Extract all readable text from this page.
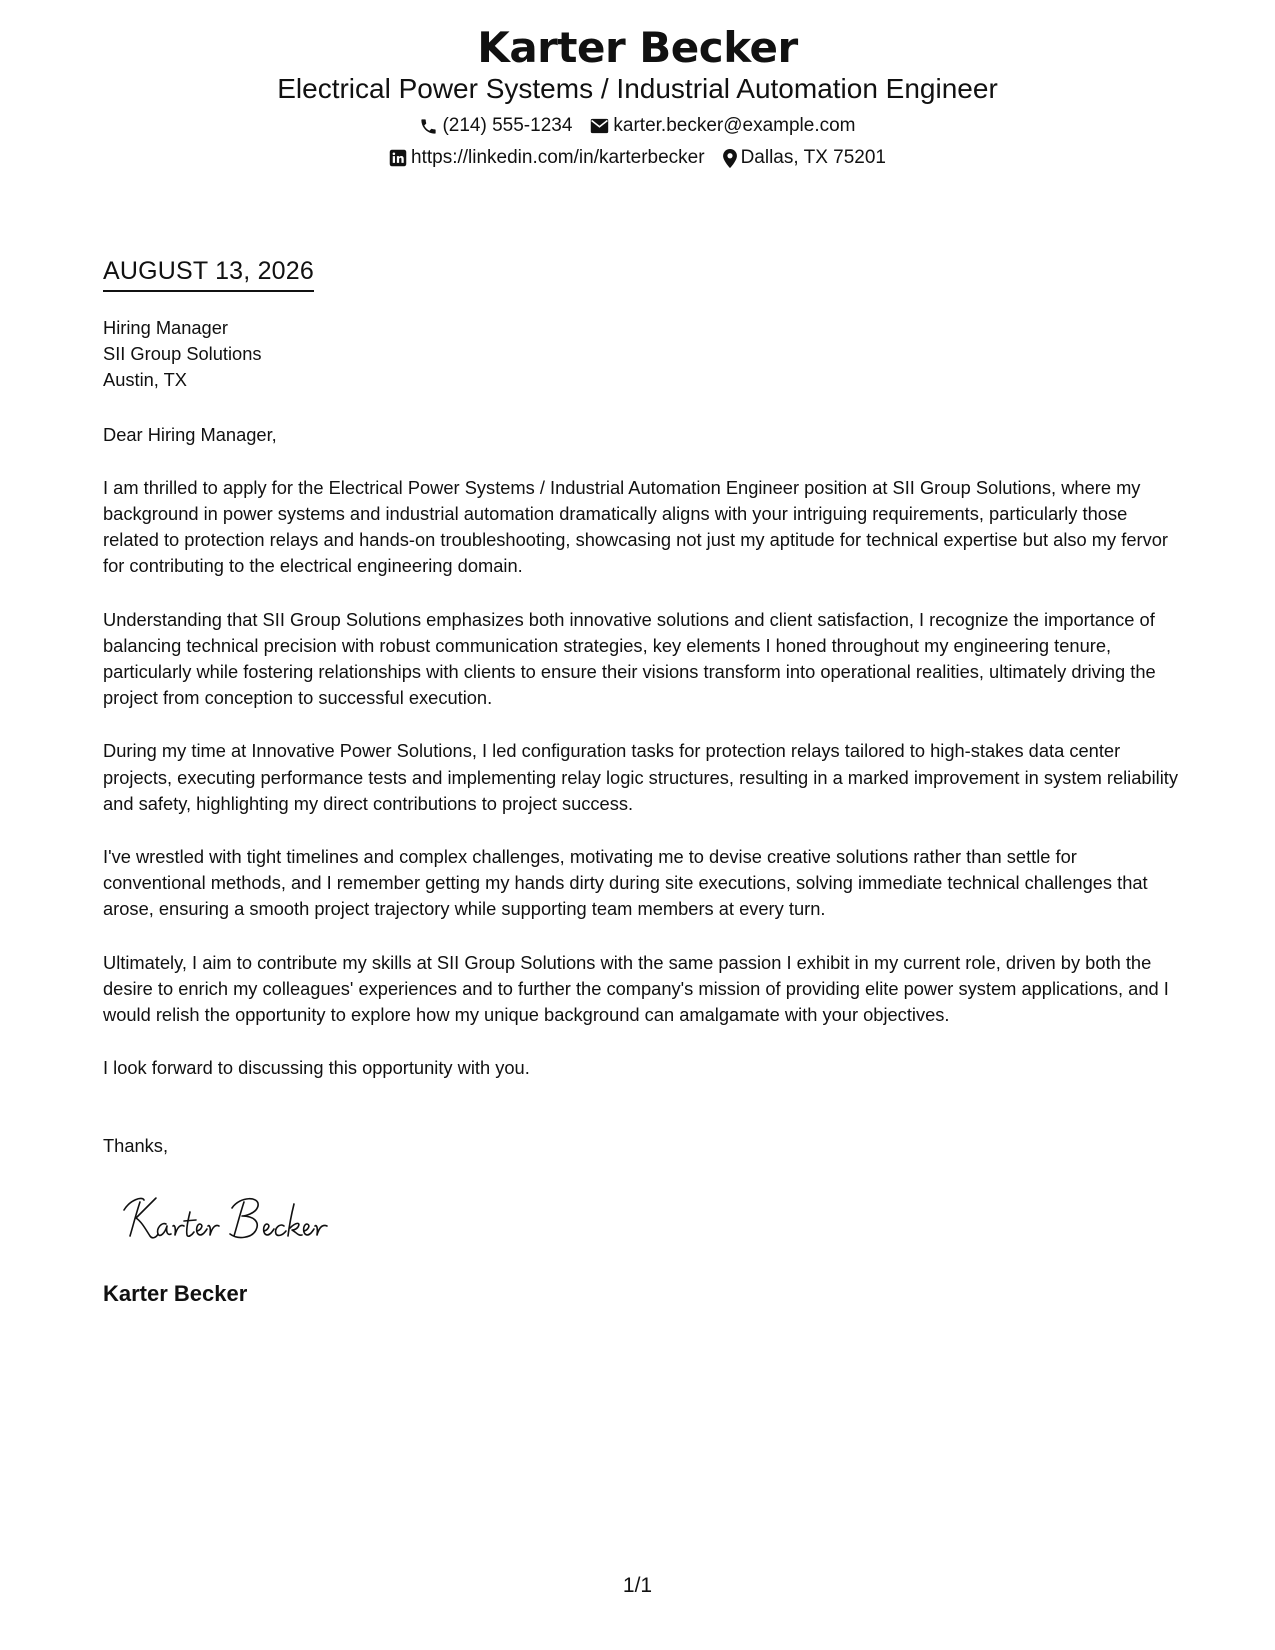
Karter Becker
Electrical Power Systems / Industrial Automation Engineer
(214) 555-1234 karter.becker@example.com
https://linkedin.com/in/karterbecker Dallas, TX 75201
AUGUST 13, 2026
Hiring Manager
SII Group Solutions
Austin, TX
Dear Hiring Manager,

I am thrilled to apply for the Electrical Power Systems / Industrial Automation Engineer position at SII Group Solutions, where my background in power systems and industrial automation dramatically aligns with your intriguing requirements, particularly those related to protection relays and hands-on troubleshooting, showcasing not just my aptitude for technical expertise but also my fervor for contributing to the electrical engineering domain.

Understanding that SII Group Solutions emphasizes both innovative solutions and client satisfaction, I recognize the importance of balancing technical precision with robust communication strategies, key elements I honed throughout my engineering tenure, particularly while fostering relationships with clients to ensure their visions transform into operational realities, ultimately driving the project from conception to successful execution.

During my time at Innovative Power Solutions, I led configuration tasks for protection relays tailored to high-stakes data center projects, executing performance tests and implementing relay logic structures, resulting in a marked improvement in system reliability and safety, highlighting my direct contributions to project success.

I've wrestled with tight timelines and complex challenges, motivating me to devise creative solutions rather than settle for conventional methods, and I remember getting my hands dirty during site executions, solving immediate technical challenges that arose, ensuring a smooth project trajectory while supporting team members at every turn.

Ultimately, I aim to contribute my skills at SII Group Solutions with the same passion I exhibit in my current role, driven by both the desire to enrich my colleagues' experiences and to further the company's mission of providing elite power system applications, and I would relish the opportunity to explore how my unique background can amalgamate with your objectives.

I look forward to discussing this opportunity with you.

Thanks,
Karter Becker
1/1
